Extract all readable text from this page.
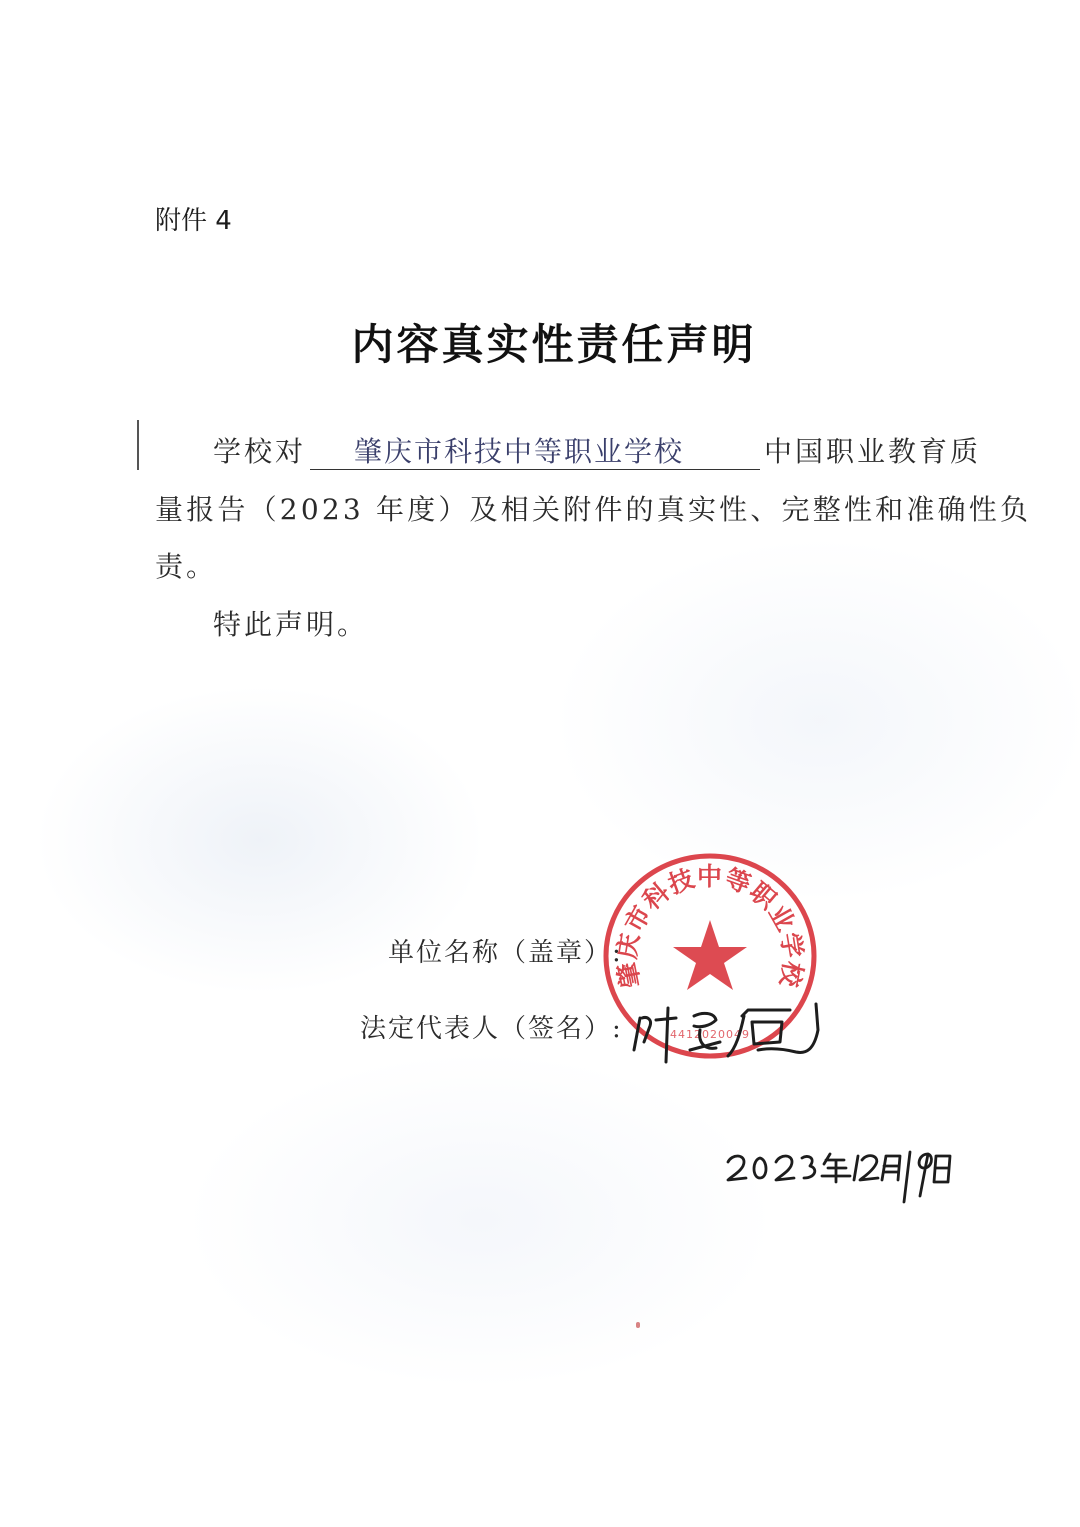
附件 4
内容真实性责任声明
学校对 肇庆市科技中等职业学校	中国职业教育质
量报告（2023 年度）及相关附件的真实性、完整性和准确性负
责。
特此声明。
单位名称（盖章）:
法定代表人（签名）:
肇庆市科技中等职业学校
4412020049
